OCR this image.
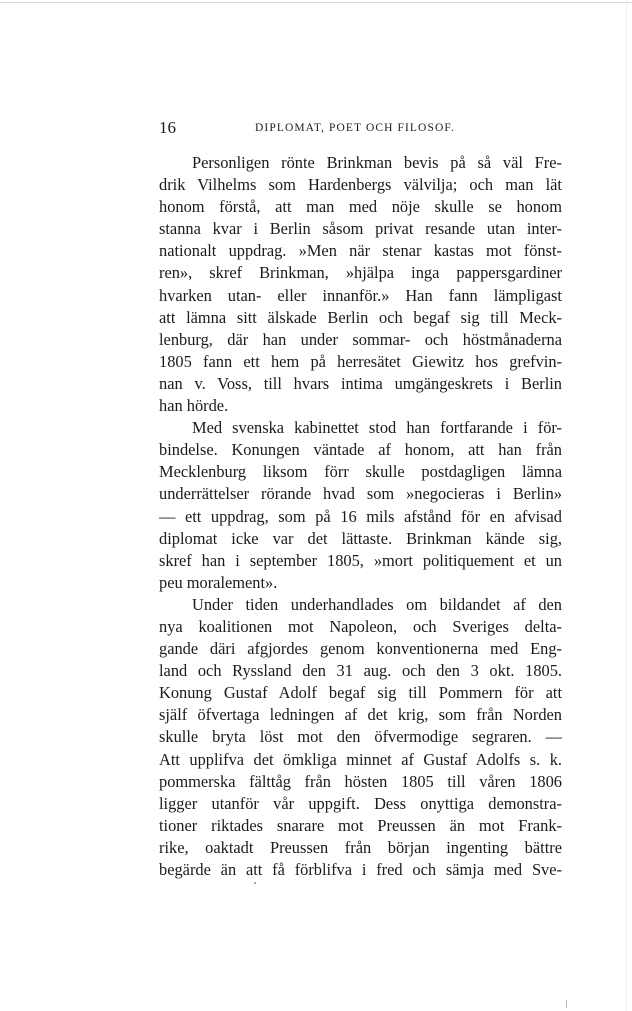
16	DIPLOMAT, POET OCH FILOSOF.
Personligen rönte Brinkman bevis på så väl Fre-
drik Vilhelms som Hardenbergs välvilja; och man lät
honom förstå, att man med nöje skulle se honom
stanna kvar i Berlin såsom privat resande utan inter-
nationalt uppdrag. »Men när stenar kastas mot fönst-
ren», skref Brinkman, »hjälpa inga pappersgardiner
hvarken utan- eller innanför.» Han fann lämpligast
att lämna sitt älskade Berlin och begaf sig till Meck-
lenburg, där han under sommar- och höstmånaderna
1805 fann ett hem på herresätet Giewitz hos grefvin-
nan v. Voss, till hvars intima umgängeskrets i Berlin
han hörde.
Med svenska kabinettet stod han fortfarande i för-
bindelse. Konungen väntade af honom, att han från
Mecklenburg liksom förr skulle postdagligen lämna
underrättelser rörande hvad som »negocieras i Berlin»
— ett uppdrag, som på 16 mils afstånd för en afvisad
diplomat icke var det lättaste. Brinkman kände sig,
skref han i september 1805, »mort politiquement et un
peu moralement».
Under tiden underhandlades om bildandet af den
nya koalitionen mot Napoleon, och Sveriges delta-
gande däri afgjordes genom konventionerna med Eng-
land och Ryssland den 31 aug. och den 3 okt. 1805.
Konung Gustaf Adolf begaf sig till Pommern för att
själf öfvertaga ledningen af det krig, som från Norden
skulle bryta löst mot den öfvermodige segraren. —
Att upplifva det ömkliga minnet af Gustaf Adolfs s. k.
pommerska fälttåg från hösten 1805 till våren 1806
ligger utanför vår uppgift. Dess onyttiga demonstra-
tioner riktades snarare mot Preussen än mot Frank-
rike, oaktadt Preussen från början ingenting bättre
begärde än att få förblifva i fred och sämja med Sve-
